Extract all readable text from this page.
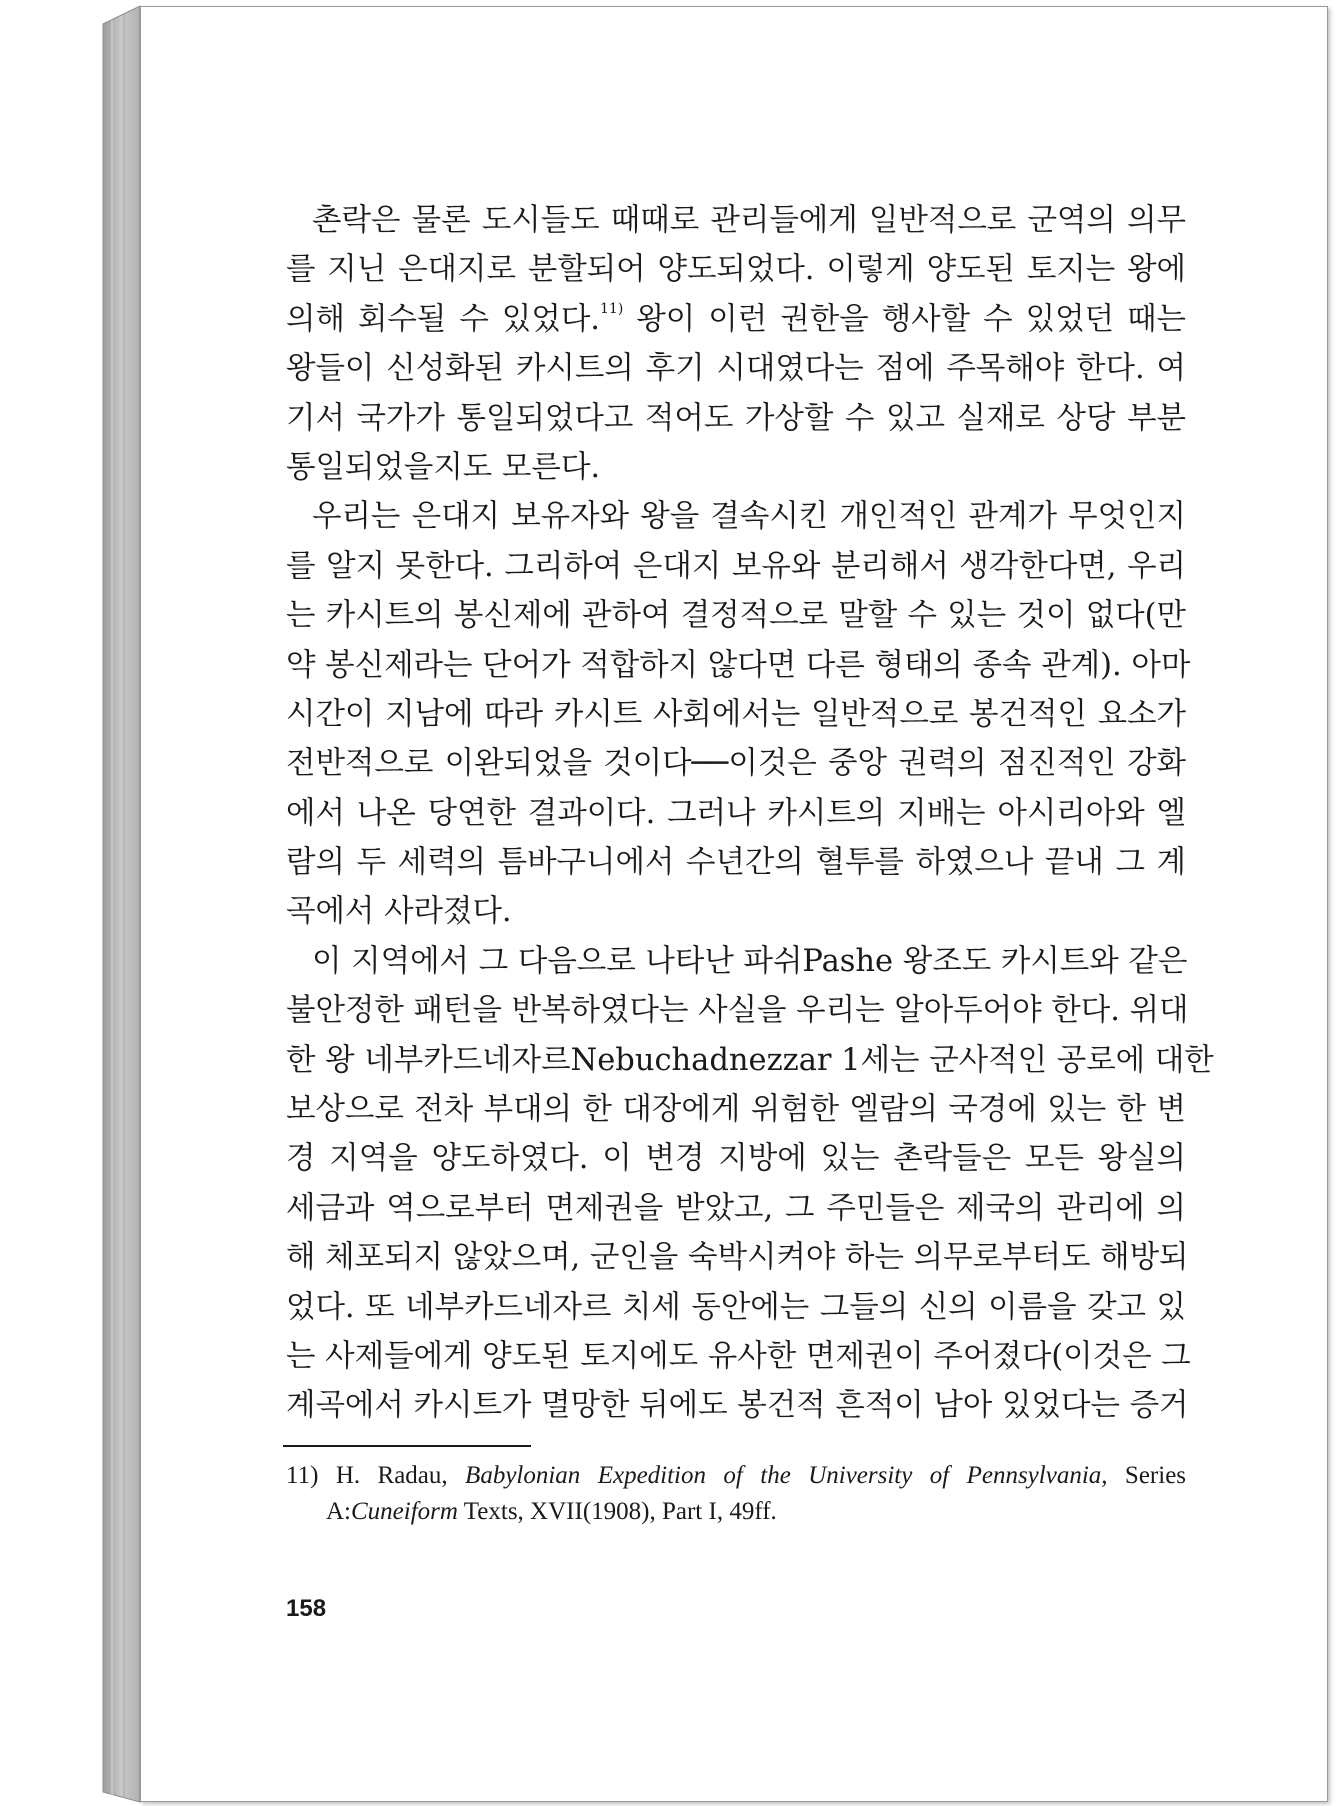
촌락은 물론 도시들도 때때로 관리들에게 일반적으로 군역의 의무
를 지닌 은대지로 분할되어 양도되었다. 이렇게 양도된 토지는 왕에
의해 회수될 수 있었다.$^{11)}$ 왕이 이런 권한을 행사할 수 있었던 때는
왕들이 신성화된 카시트의 후기 시대였다는 점에 주목해야 한다. 여
기서 국가가 통일되었다고 적어도 가상할 수 있고 실재로 상당 부분
통일되었을지도 모른다.
우리는 은대지 보유자와 왕을 결속시킨 개인적인 관계가 무엇인지
를 알지 못한다. 그리하여 은대지 보유와 분리해서 생각한다면, 우리
는 카시트의 봉신제에 관하여 결정적으로 말할 수 있는 것이 없다(만
약 봉신제라는 단어가 적합하지 않다면 다른 형태의 종속 관계). 아마
시간이 지남에 따라 카시트 사회에서는 일반적으로 봉건적인 요소가
전반적으로 이완되었을 것이다──이것은 중앙 권력의 점진적인 강화
에서 나온 당연한 결과이다. 그러나 카시트의 지배는 아시리아와 엘
람의 두 세력의 틈바구니에서 수년간의 혈투를 하였으나 끝내 그 계
곡에서 사라졌다.
이 지역에서 그 다음으로 나타난 파쉬Pashe 왕조도 카시트와 같은
불안정한 패턴을 반복하였다는 사실을 우리는 알아두어야 한다. 위대
한 왕 네부카드네자르Nebuchadnezzar 1세는 군사적인 공로에 대한
보상으로 전차 부대의 한 대장에게 위험한 엘람의 국경에 있는 한 변
경 지역을 양도하였다. 이 변경 지방에 있는 촌락들은 모든 왕실의
세금과 역으로부터 면제권을 받았고, 그 주민들은 제국의 관리에 의
해 체포되지 않았으며, 군인을 숙박시켜야 하는 의무로부터도 해방되
었다. 또 네부카드네자르 치세 동안에는 그들의 신의 이름을 갖고 있
는 사제들에게 양도된 토지에도 유사한 면제권이 주어졌다(이것은 그
계곡에서 카시트가 멸망한 뒤에도 봉건적 흔적이 남아 있었다는 증거
11) H. Radau, Babylonian Expedition of the University of Pennsylvania, Series
A:Cuneiform Texts, XVII(1908), Part I, 49ff.
158
